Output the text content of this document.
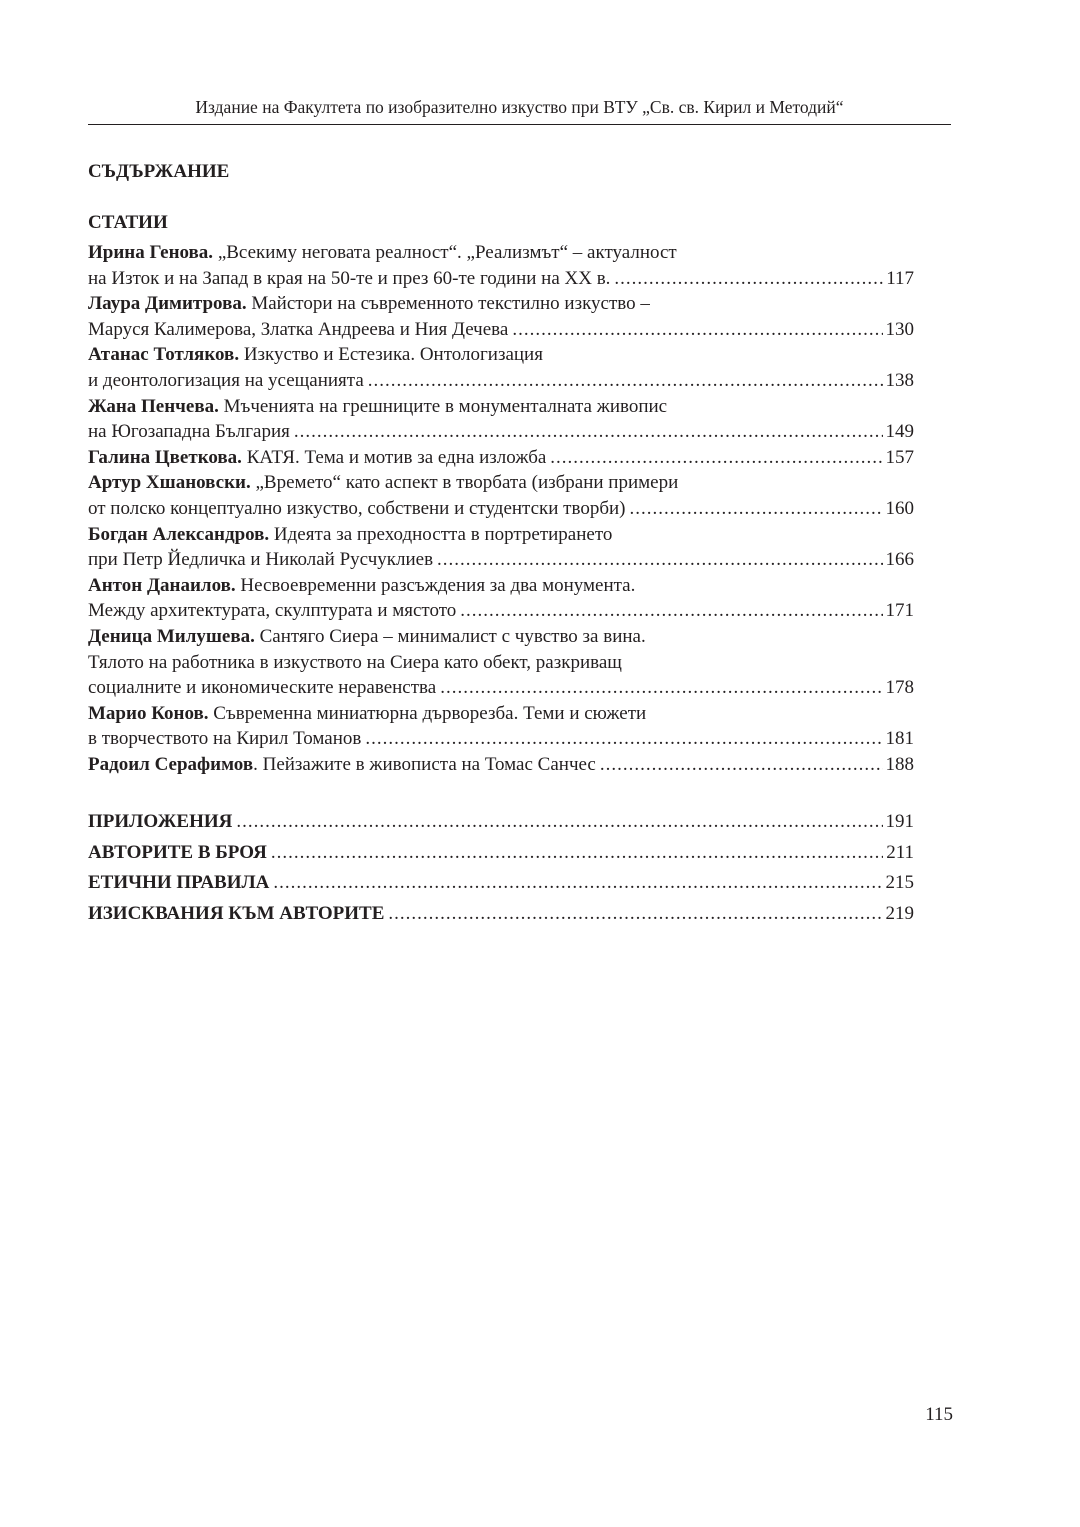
Издание на Факултета по изобразително изкуство при ВТУ „Св. св. Кирил и Методий“
СЪДЪРЖАНИЕ
СТАТИИ
Ирина Генова. „Всекиму неговата реалност“. „Реализмът“ – актуалност
на Изток и на Запад в края на 50-те и през 60-те години на ХХ в. .....	117
Лаура Димитрова. Майстори на съвременното текстилно изкуство –
Маруся Калимерова, Златка Андреева и Ния Дечева .....	130
Атанас Тотляков. Изкуство и Естезика. Онтологизация
и деонтологизация на усещанията .....	138
Жана Пенчева. Мъченията на грешниците в монументалната живопис
на Югозападна България .....	149
Галина Цветкова. КАТЯ. Тема и мотив за една изложба .....	157
Артур Хшановски. „Времето“ като аспект в творбата (избрани примери
от полско концептуално изкуство, собствени и студентски творби) .....	160
Богдан Александров. Идеята за преходността в портретирането
при Петр Йедличка и Николай Русчуклиев .....	166
Антон Данаилов. Несвоевременни разсъждения за два монумента.
Между архитектурата, скулптурата и мястото .....	171
Деница Милушева. Сантяго Сиера – минималист с чувство за вина.
Тялото на работника в изкуството на Сиера като обект, разкриващ
социалните и икономическите неравенства .....	178
Марио Конов. Съвременна миниатюрна дърворезба. Теми и сюжети
в творчеството на Кирил Томанов .....	181
Радоил Серафимов. Пейзажите в живописта на Томас Санчес .....	188
ПРИЛОЖЕНИЯ .....	191
АВТОРИТЕ В БРОЯ .....	211
ЕТИЧНИ ПРАВИЛА .....	215
ИЗИСКВАНИЯ КЪМ АВТОРИТЕ .....	219
115
